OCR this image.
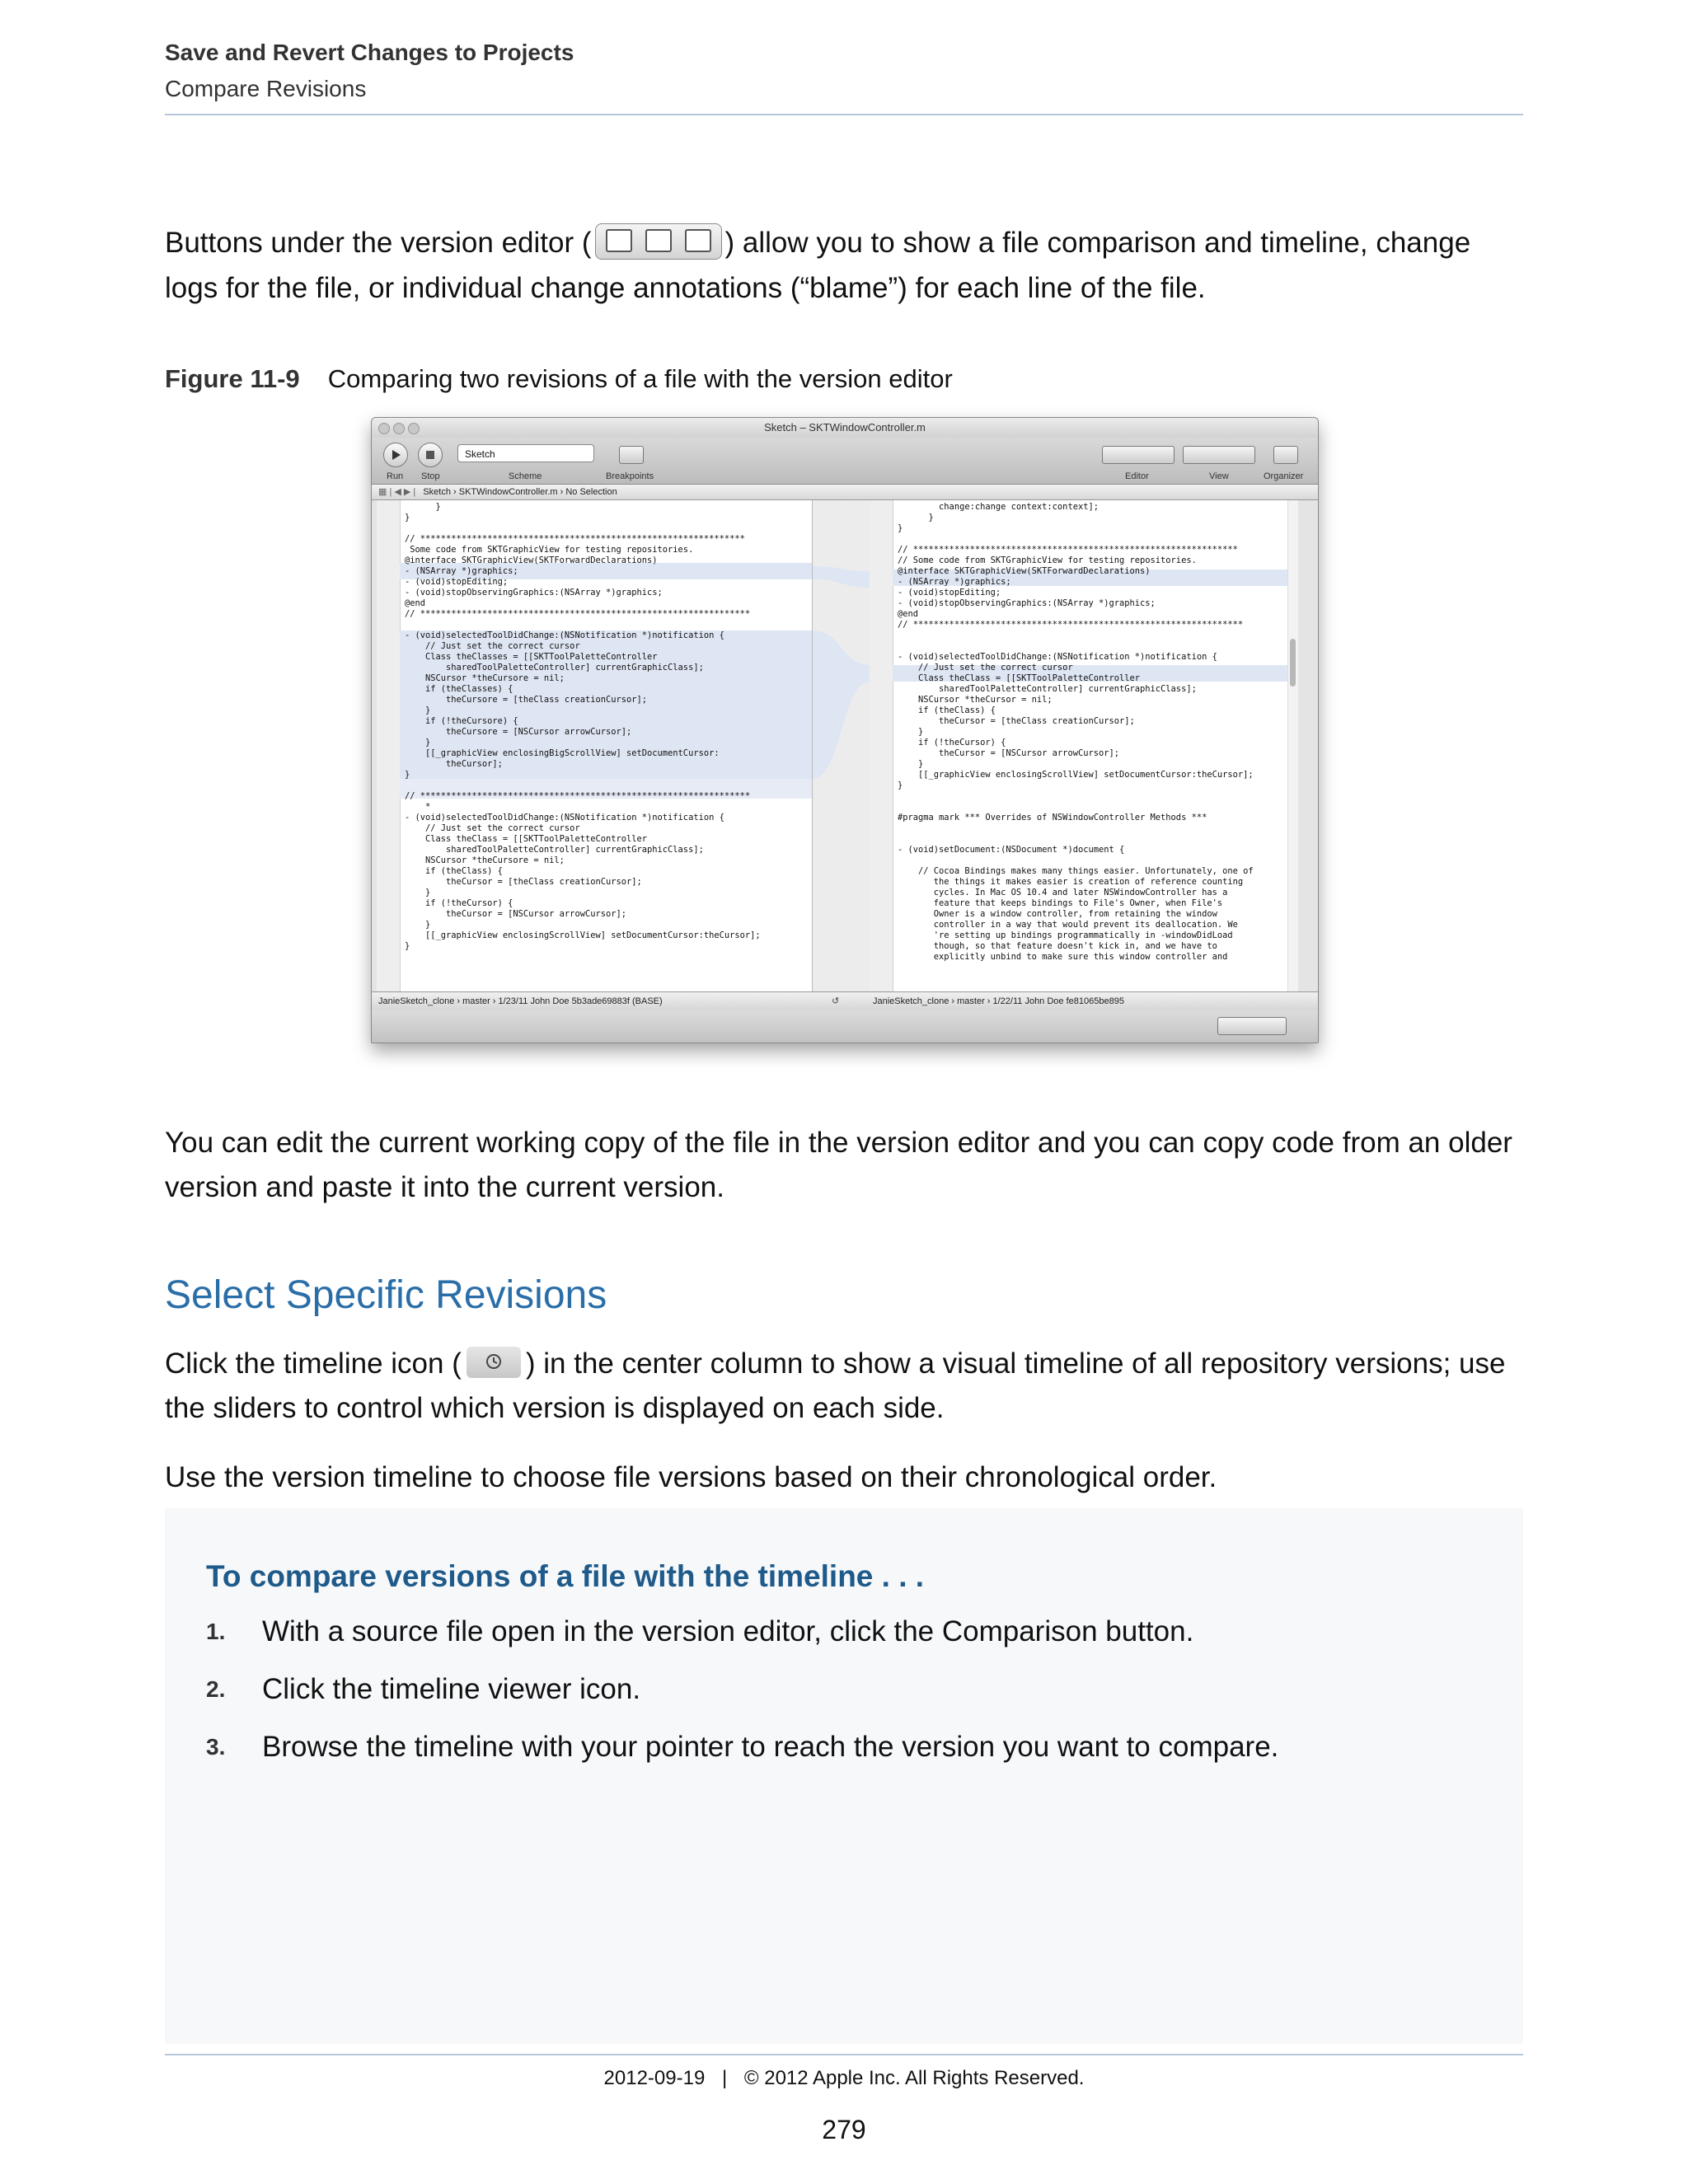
Save and Revert Changes to Projects
Compare Revisions
Buttons under the version editor (	) allow you to show a file comparison and timeline, change logs for the file, or individual change annotations (“blame”) for each line of the file.
Figure 11-9 Comparing two revisions of a file with the version editor
Sketch – SKTWindowController.m
Run Stop
Sketch
Scheme	Breakpoints	Editor	View	Organizer
▦ | ◀ ▶ | Sketch › SKTWindowController.m › No Selection
}
}

// ***************************************************************
Some code from SKTGraphicView for testing repositories.
@interface SKTGraphicView(SKTForwardDeclarations)
- (NSArray *)graphics;
- (void)stopEditing;
- (void)stopObservingGraphics:(NSArray *)graphics;
@end
// ****************************************************************

- (void)selectedToolDidChange:(NSNotification *)notification {
// Just set the correct cursor
Class theClasses = [[SKTToolPaletteController
sharedToolPaletteController] currentGraphicClass];
NSCursor *theCursore = nil;
if (theClasses) {
theCursore = [theClass creationCursor];
}
if (!theCursore) {
theCursore = [NSCursor arrowCursor];
}
[[_graphicView enclosingBigScrollView] setDocumentCursor:
theCursor];
}

// ****************************************************************
*
- (void)selectedToolDidChange:(NSNotification *)notification {
// Just set the correct cursor
Class theClass = [[SKTToolPaletteController
sharedToolPaletteController] currentGraphicClass];
NSCursor *theCursore = nil;
if (theClass) {
theCursor = [theClass creationCursor];
}
if (!theCursor) {
theCursor = [NSCursor arrowCursor];
}
[[_graphicView enclosingScrollView] setDocumentCursor:theCursor];
}
change:change context:context];
}
}

// ***************************************************************
// Some code from SKTGraphicView for testing repositories.
@interface SKTGraphicView(SKTForwardDeclarations)
- (NSArray *)graphics;
- (void)stopEditing;
- (void)stopObservingGraphics:(NSArray *)graphics;
@end
// ****************************************************************

- (void)selectedToolDidChange:(NSNotification *)notification {
// Just set the correct cursor
Class theClass = [[SKTToolPaletteController
sharedToolPaletteController] currentGraphicClass];
NSCursor *theCursor = nil;
if (theClass) {
theCursor = [theClass creationCursor];
}
if (!theCursor) {
theCursor = [NSCursor arrowCursor];
}
[[_graphicView enclosingScrollView] setDocumentCursor:theCursor];
}

#pragma mark *** Overrides of NSWindowController Methods ***

- (void)setDocument:(NSDocument *)document {

// Cocoa Bindings makes many things easier. Unfortunately, one of
the things it makes easier is creation of reference counting
cycles. In Mac OS 10.4 and later NSWindowController has a
feature that keeps bindings to File's Owner, when File's
Owner is a window controller, from retaining the window
controller in a way that would prevent its deallocation. We
're setting up bindings programmatically in -windowDidLoad
though, so that feature doesn't kick in, and we have to
explicitly unbind to make sure this window controller and
JanieSketch_clone › master › 1/23/11 John Doe 5b3ade69883f (BASE)	↺	JanieSketch_clone › master › 1/22/11 John Doe fe81065be895
You can edit the current working copy of the file in the version editor and you can copy code from an older version and paste it into the current version.
Select Specific Revisions
Click the timeline icon ( ) in the center column to show a visual timeline of all repository versions; use the sliders to control which version is displayed on each side.
Use the version timeline to choose file versions based on their chronological order.
To compare versions of a file with the timeline . . .
1. With a source file open in the version editor, click the Comparison button.
2. Click the timeline viewer icon.
3. Browse the timeline with your pointer to reach the version you want to compare.
2012-09-19 | © 2012 Apple Inc. All Rights Reserved.
279
